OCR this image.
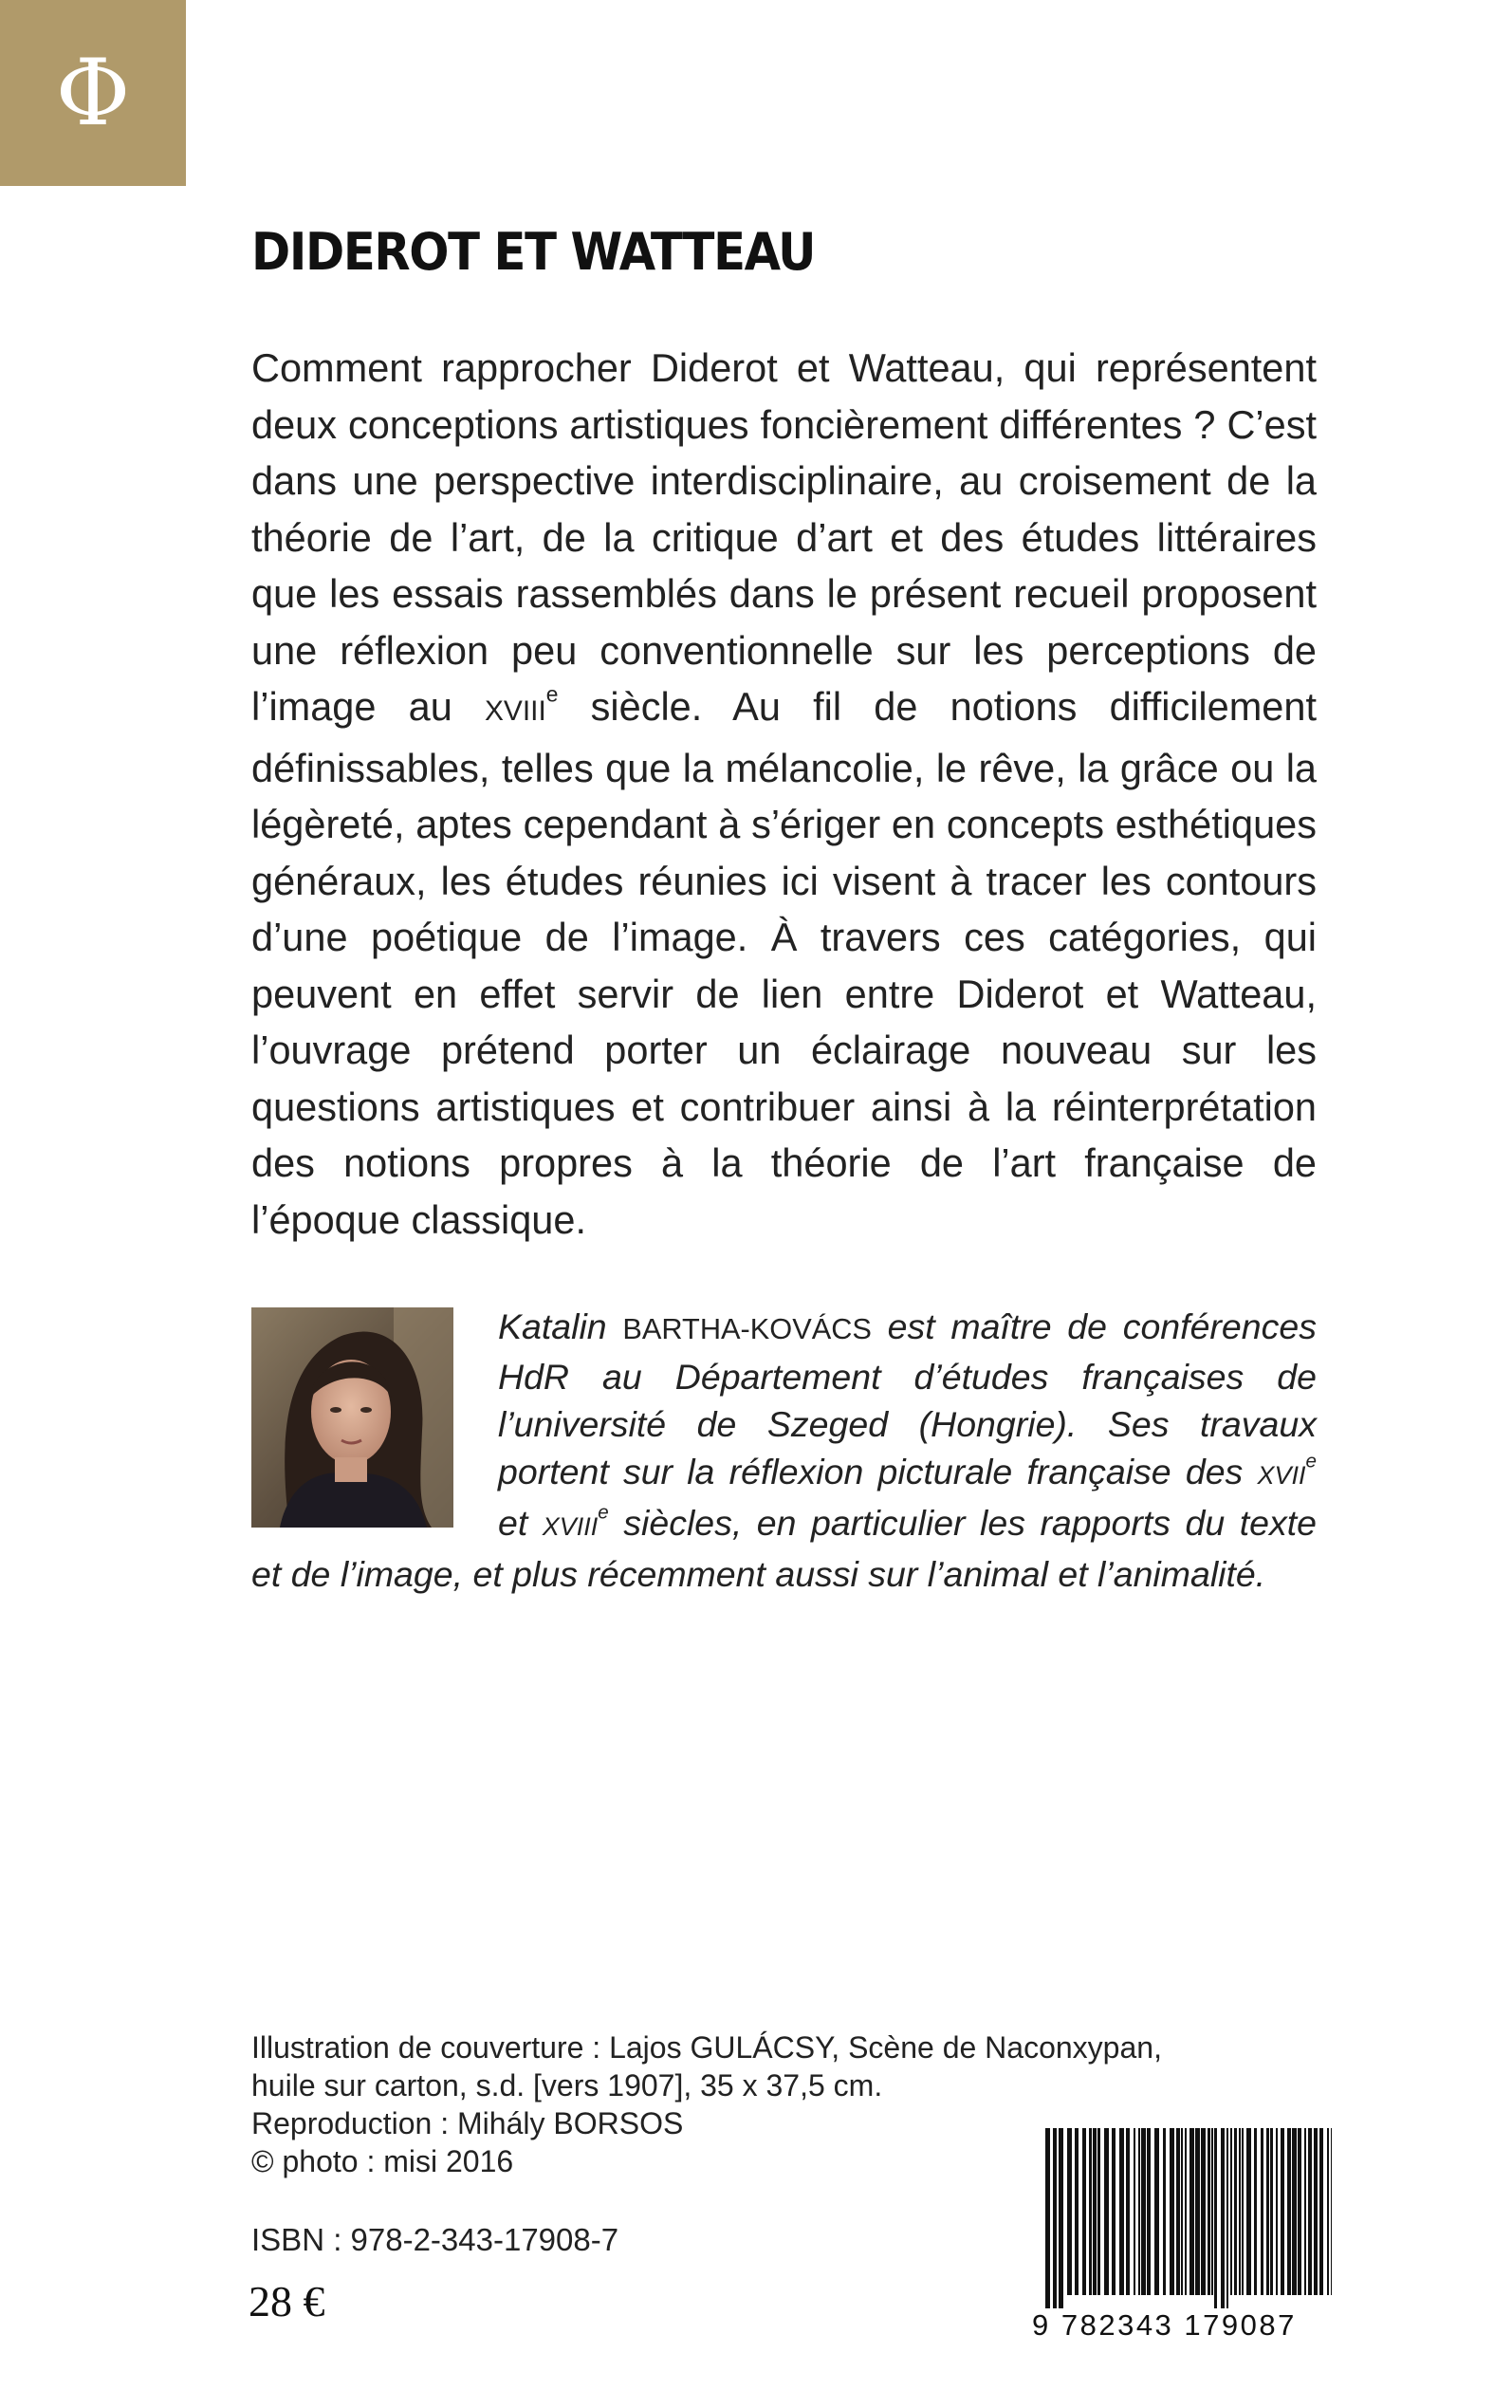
Φ
DIDEROT ET WATTEAU

Comment rapprocher Diderot et Watteau, qui représentent deux conceptions artistiques foncièrement différentes ? C’est dans une perspective interdisciplinaire, au croisement de la théorie de l’art, de la critique d’art et des études littéraires que les essais rassemblés dans le présent recueil proposent une réflexion peu conventionnelle sur les perceptions de l’image au XVIIIe siècle. Au fil de notions difficilement définissables, telles que la mélancolie, le rêve, la grâce ou la légèreté, aptes cependant à s’ériger en concepts esthétiques généraux, les études réunies ici visent à tracer les contours d’une poétique de l’image. À travers ces catégories, qui peuvent en effet servir de lien entre Diderot et Watteau, l’ouvrage prétend porter un éclairage nouveau sur les questions artistiques et contribuer ainsi à la réinterprétation des notions propres à la théorie de l’art française de l’époque classique.

Katalin BARTHA-KOVÁCS est maître de conférences HdR au Département d’études françaises de l’université de Szeged (Hongrie). Ses travaux portent sur la réflexion picturale française des XVIIe et XVIIIe siècles, en particulier les rapports du texte et de l’image, et plus récemment aussi sur l’animal et l’animalité.

Illustration de couverture : Lajos GULÁCSY, Scène de Naconxypan,
huile sur carton, s.d. [vers 1907], 35 x 37,5 cm.
Reproduction : Mihály BORSOS
© photo : misi 2016
ISBN : 978-2-343-17908-7
28 €	9 782343 179087
